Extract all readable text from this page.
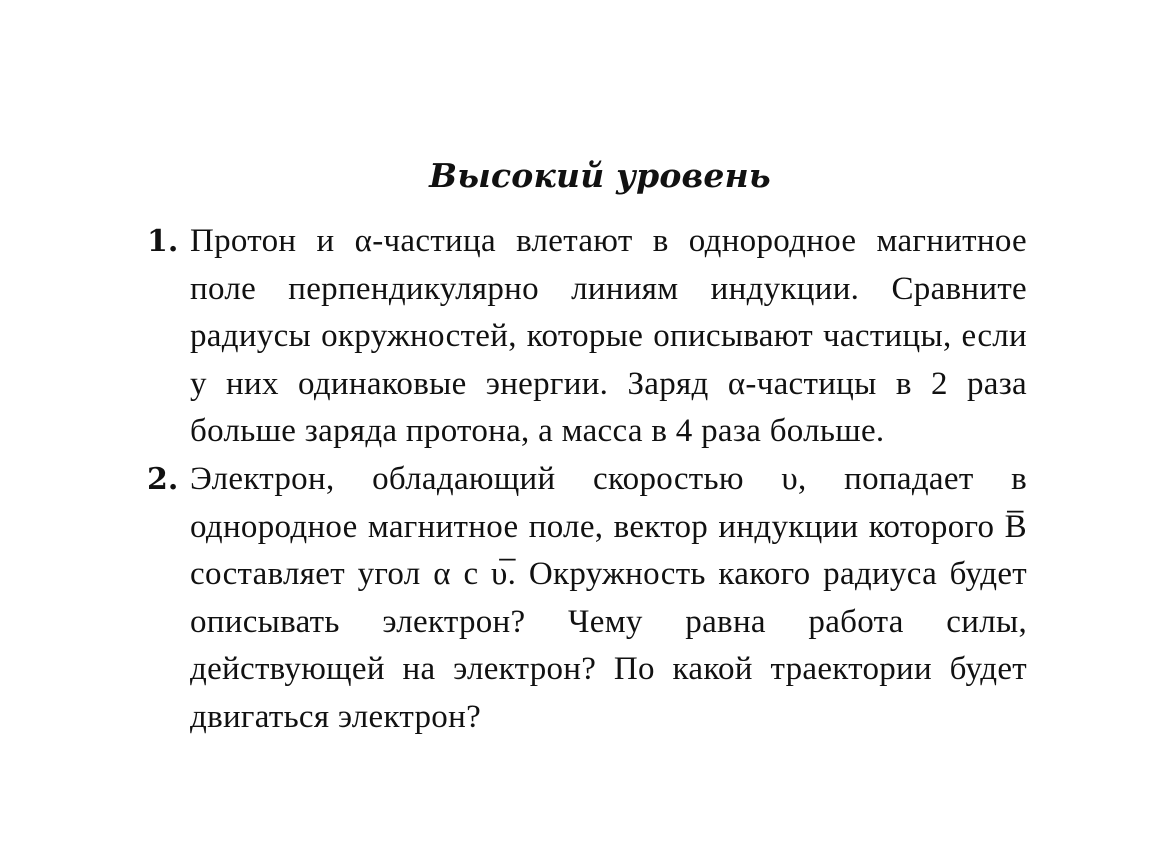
Высокий уровень
1. Протон и α-частица влетают в однородное магнитное поле перпендикулярно линиям индукции. Сравните радиусы окружностей, которые описывают частицы, если у них одинаковые энергии. Заряд α-частицы в 2 раза больше заряда протона, а масса в 4 раза больше.
2. Электрон, обладающий скоростью υ, попадает в однородное магнитное поле, вектор индукции которого B̅ составляет угол α с υ̅. Окружность какого радиуса будет описывать электрон? Чему равна работа силы, действующей на электрон? По какой траектории будет двигаться электрон?
